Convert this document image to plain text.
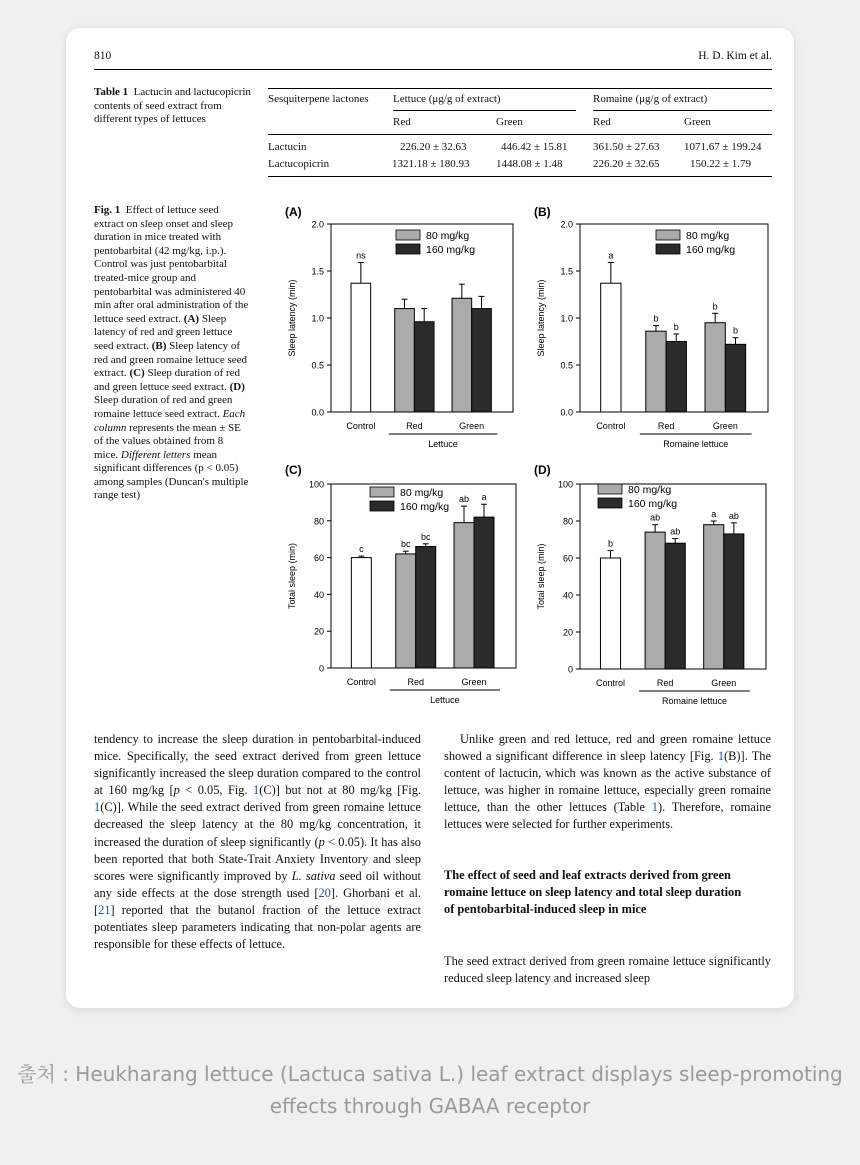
810	H. D. Kim et al.
Table 1 Lactucin and lactucopicrin contents of seed extract from different types of lettuces
Sesquiterpene lactones Lettuce (μg/g of extract)	Romaine (μg/g of extract)
Red	Green	Red	Green
Lactucin	226.20 ± 32.63	446.42 ± 15.81 361.50 ± 27.63 1071.67 ± 199.24
Lactucopicrin	1321.18 ± 180.93 1448.08 ± 1.48	226.20 ± 32.65	150.22 ± 1.79
Fig. 1 Effect of lettuce seed extract on sleep onset and sleep duration in mice treated with pentobarbital (42 mg/kg, i.p.). Control was just pentobarbital treated-mice group and pentobarbital was administered 40 min after oral administration of the lettuce seed extract. (A) Sleep latency of red and green lettuce seed extract. (B) Sleep latency of red and green romaine lettuce seed extract. (C) Sleep duration of red and green lettuce seed extract. (D) Sleep duration of red and green romaine lettuce seed extract. Each column represents the mean ± SE of the values obtained from 8 mice. Different letters mean significant differences (p < 0.05) among samples (Duncan's multiple range test)
(A)
0.0
0.5
1.0
1.5
2.0
Sleep latency (min)
ns
Control	Red	Green
Lettuce
80 mg/kg
160 mg/kg
(B)
0.0
0.5
1.0
1.5
2.0
Sleep latency (min)
a
b
b
b
b
Control	Red	Green
Romaine lettuce
80 mg/kg
160 mg/kg
(C)
0
20
40
60
80
100
Total sleep (min)	c	bc
bc
ab a
Control	Red	Green
Lettuce
80 mg/kg
160 mg/kg
(D)
0
20
40
60
80
100
Total sleep (min)	b
ab
ab
a ab
Control	Red	Green
Romaine lettuce
80 mg/kg
160 mg/kg
tendency to increase the sleep duration in pentobarbital-induced mice. Specifically, the seed extract derived from green lettuce significantly increased the sleep duration compared to the control at 160 mg/kg [p < 0.05, Fig. 1(C)] but not at 80 mg/kg [Fig. 1(C)]. While the seed extract derived from green romaine lettuce decreased the sleep latency at the 80 mg/kg concentration, it increased the duration of sleep significantly (p < 0.05). It has also been reported that both State-Trait Anxiety Inventory and sleep scores were significantly improved by L. sativa seed oil without any side effects at the dose strength used [20]. Ghorbani et al. [21] reported that the butanol fraction of the lettuce extract potentiates sleep parameters indicating that non-polar agents are responsible for these effects of lettuce.
Unlike green and red lettuce, red and green romaine lettuce showed a significant difference in sleep latency [Fig. 1(B)]. The content of lactucin, which was known as the active substance of lettuce, was higher in romaine lettuce, especially green romaine lettuce, than the other lettuces (Table 1). Therefore, romaine lettuces were selected for further experiments.
The effect of seed and leaf extracts derived from green romaine lettuce on sleep latency and total sleep duration of pentobarbital-induced sleep in mice
The seed extract derived from green romaine lettuce significantly reduced sleep latency and increased sleep
출처 : Heukharang lettuce (Lactuca sativa L.) leaf extract displays sleep-promoting effects through GABAA receptor
